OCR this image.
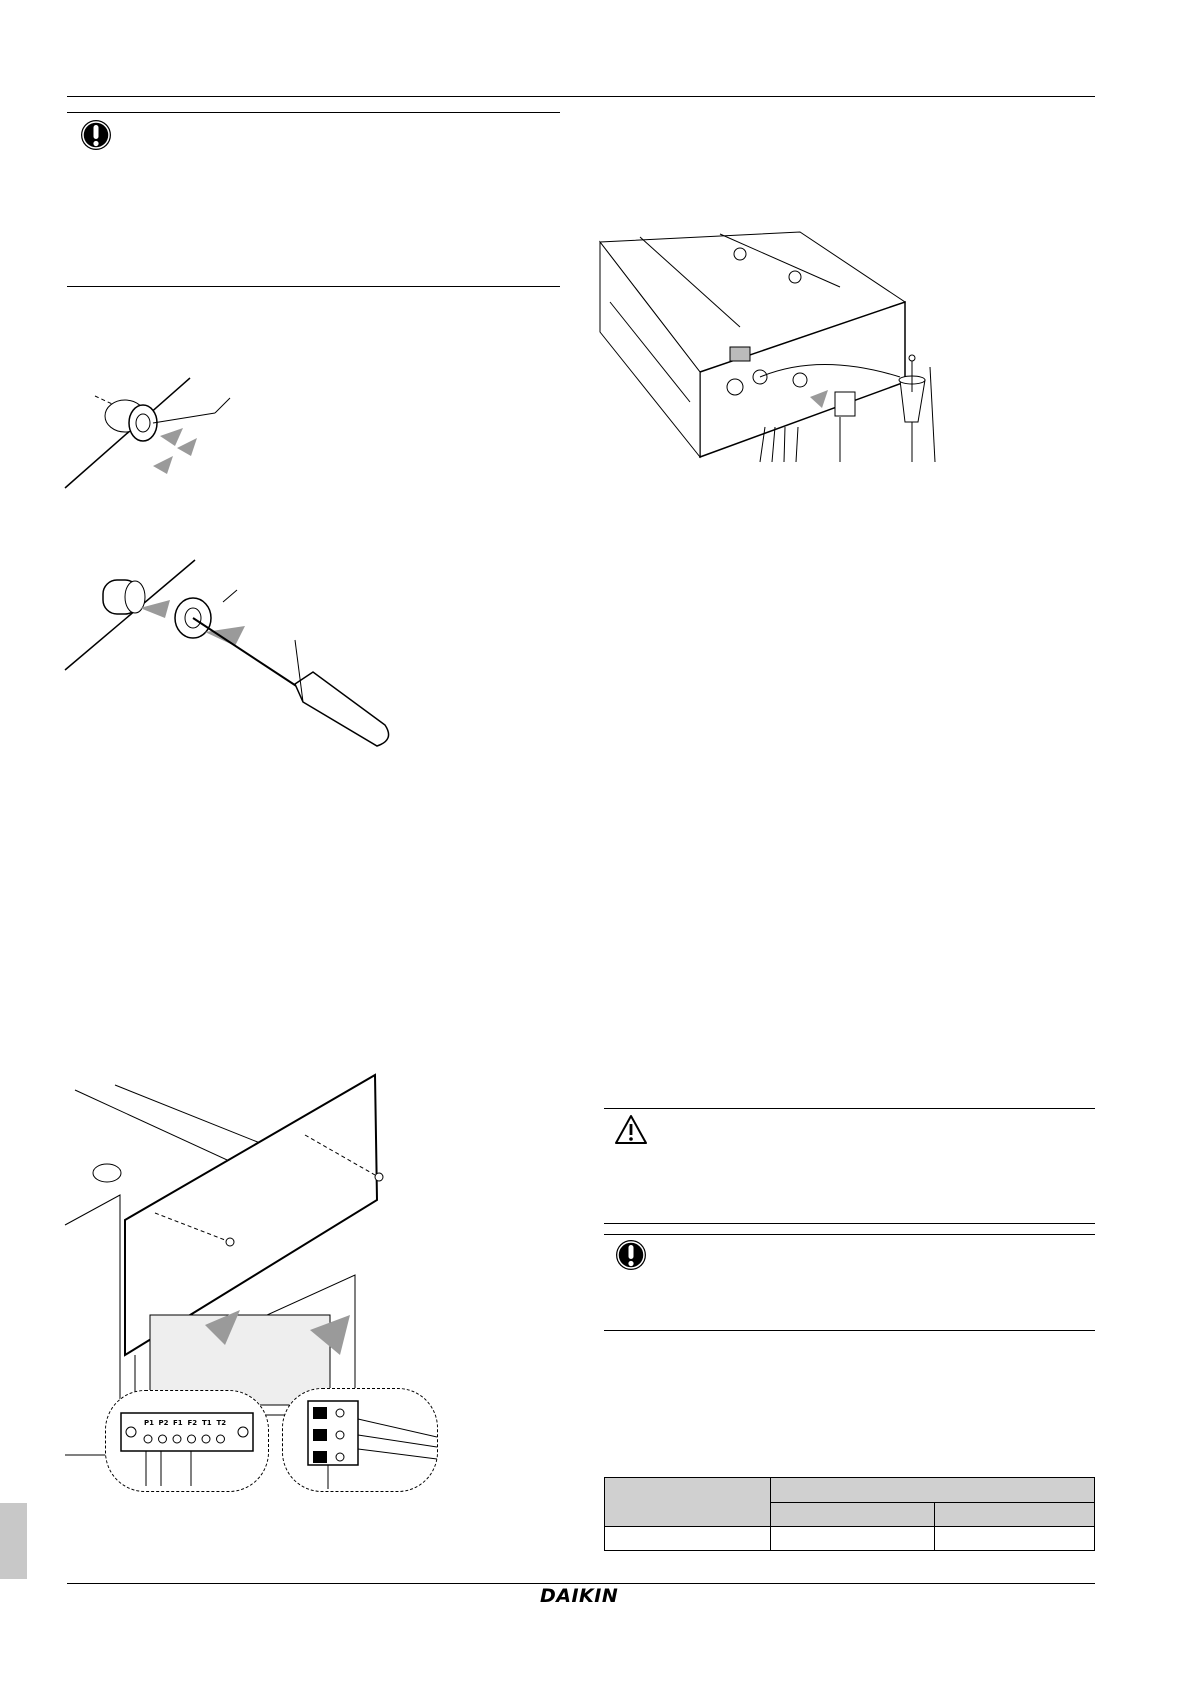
P1 P2 F1 F2 T1 T2

DAIKIN
